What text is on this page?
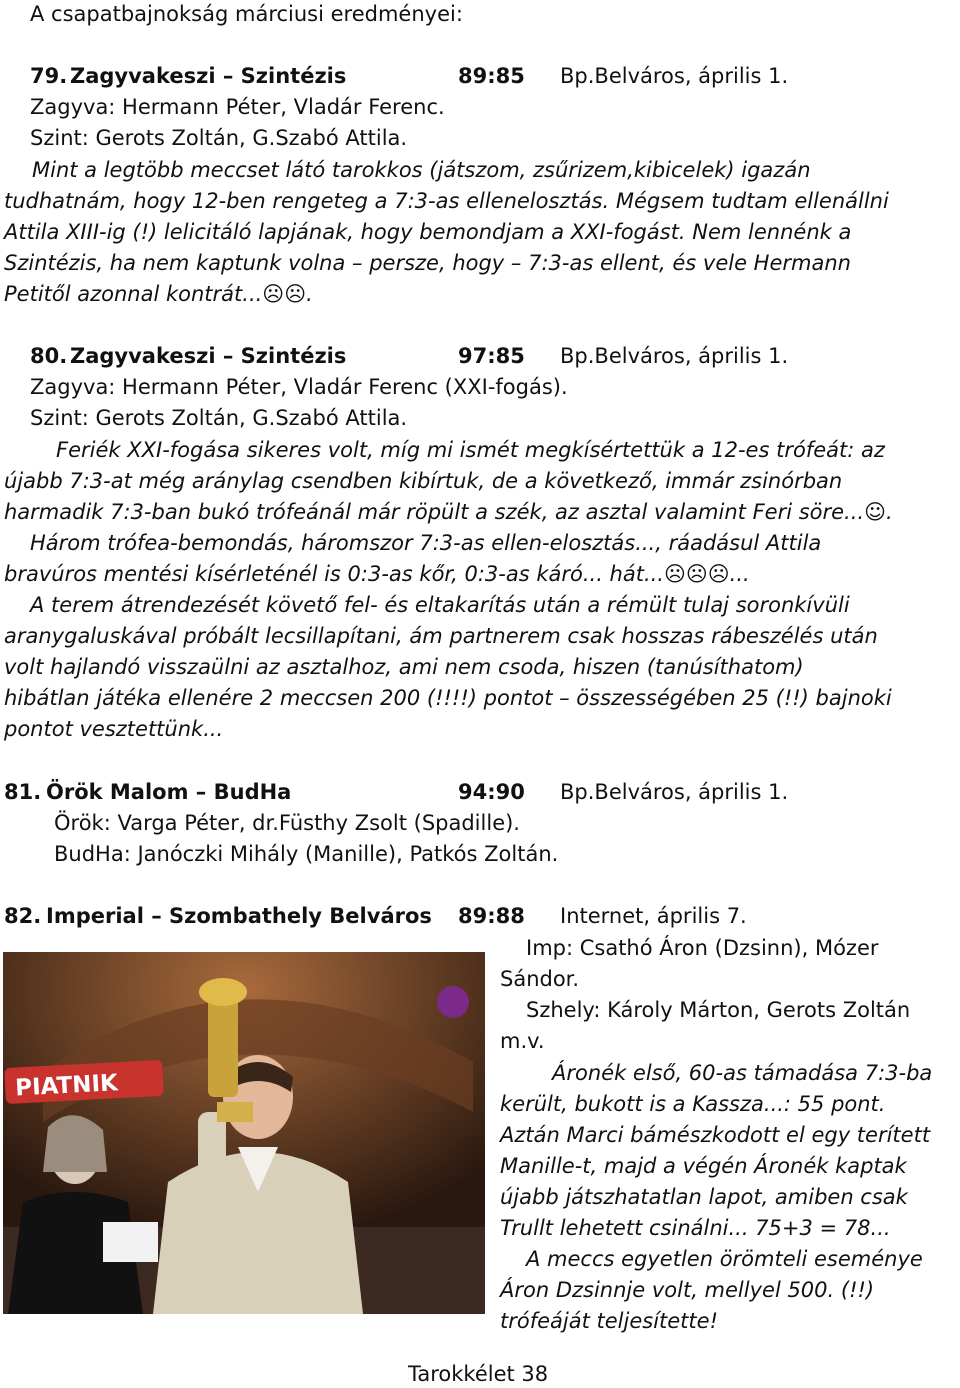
A csapatbajnokság márciusi eredményei:
79. Zagyvakeszi – Szintézis	89:85 Bp.Belváros, április 1.
Zagyva: Hermann Péter, Vladár Ferenc.
Szint: Gerots Zoltán, G.Szabó Attila.
Mint a legtöbb meccset látó tarokkos (játszom, zsűrizem,kibicelek) igazán
tudhatnám, hogy 12-ben rengeteg a 7:3-as ellenelosztás. Mégsem tudtam ellenállni
Attila XIII-ig (!) lelicitáló lapjának, hogy bemondjam a XXI-fogást. Nem lennénk a
Szintézis, ha nem kaptunk volna – persze, hogy – 7:3-as ellent, és vele Hermann
Petitől azonnal kontrát...☹☹.
80. Zagyvakeszi – Szintézis	97:85 Bp.Belváros, április 1.
Zagyva: Hermann Péter, Vladár Ferenc (XXI-fogás).
Szint: Gerots Zoltán, G.Szabó Attila.
Feriék XXI-fogása sikeres volt, míg mi ismét megkísértettük a 12-es trófeát: az
újabb 7:3-at még aránylag csendben kibírtuk, de a következő, immár zsinórban
harmadik 7:3-ban bukó trófeánál már röpült a szék, az asztal valamint Feri söre...☺.
Három trófea-bemondás, háromszor 7:3-as ellen-elosztás..., ráadásul Attila
bravúros mentési kísérleténél is 0:3-as kőr, 0:3-as káró... hát...☹☹☹...
A terem átrendezését követő fel- és eltakarítás után a rémült tulaj soronkívüli
aranygaluskával próbált lecsillapítani, ám partnerem csak hosszas rábeszélés után
volt hajlandó visszaülni az asztalhoz, ami nem csoda, hiszen (tanúsíthatom)
hibátlan játéka ellenére 2 meccsen 200 (!!!!) pontot – összességében 25 (!!) bajnoki
pontot vesztettünk...
81. Örök Malom – BudHa	94:90 Bp.Belváros, április 1.
Örök: Varga Péter, dr.Füsthy Zsolt (Spadille).
BudHa: Janóczki Mihály (Manille), Patkós Zoltán.
82. Imperial – Szombathely Belváros 89:88 Internet, április 7.
PIATNIK
Imp: Csathó Áron (Dzsinn), Mózer
Sándor.
Szhely: Károly Márton, Gerots Zoltán
m.v.
Áronék első, 60-as támadása 7:3-ba
került, bukott is a Kassza...: 55 pont.
Aztán Marci bámészkodott el egy terített
Manille-t, majd a végén Áronék kaptak
újabb játszhatatlan lapot, amiben csak
Trullt lehetett csinálni... 75+3 = 78...
A meccs egyetlen örömteli eseménye
Áron Dzsinnje volt, mellyel 500. (!!)
trófeáját teljesítette!
Tarokkélet 38
